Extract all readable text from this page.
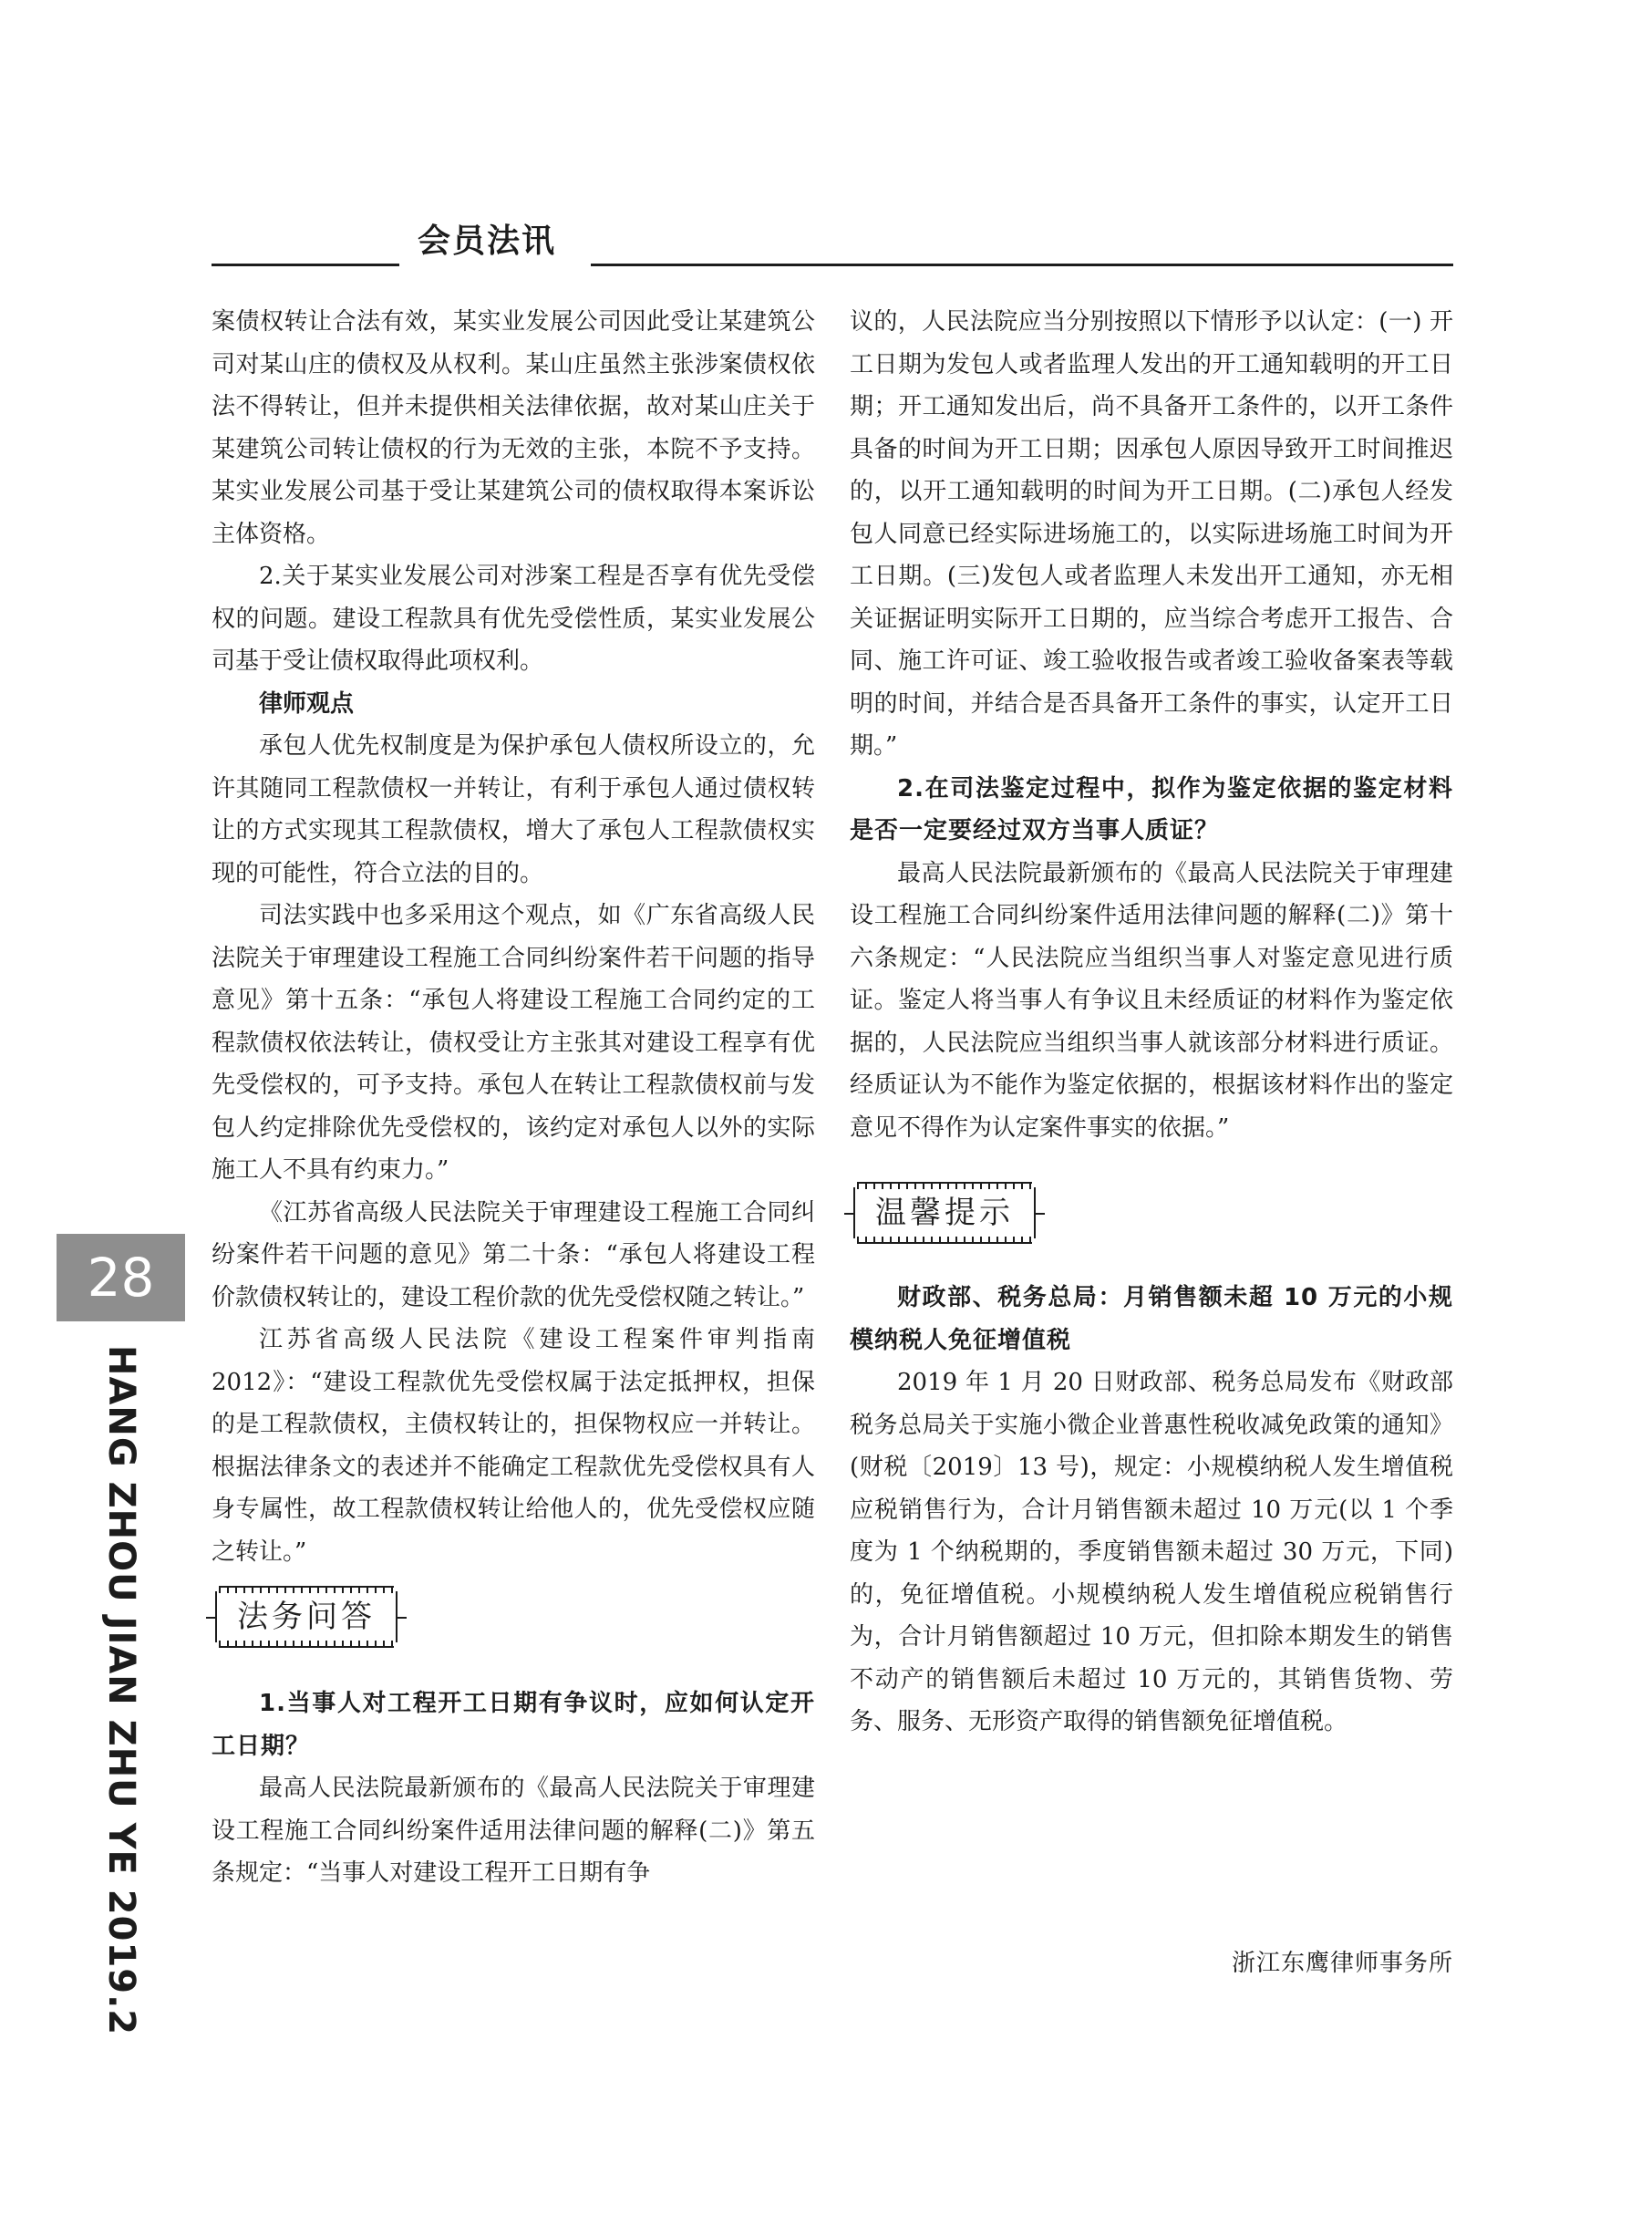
会员法讯
28
HANG ZHOU JIAN ZHU YE 2019.2

案债权转让合法有效，某实业发展公司因此受让某建筑公司对某山庄的债权及从权利。某山庄虽然主张涉案债权依法不得转让，但并未提供相关法律依据，故对某山庄关于某建筑公司转让债权的行为无效的主张，本院不予支持。某实业发展公司基于受让某建筑公司的债权取得本案诉讼主体资格。

2.关于某实业发展公司对涉案工程是否享有优先受偿权的问题。建设工程款具有优先受偿性质，某实业发展公司基于受让债权取得此项权利。

律师观点

承包人优先权制度是为保护承包人债权所设立的，允许其随同工程款债权一并转让，有利于承包人通过债权转让的方式实现其工程款债权，增大了承包人工程款债权实现的可能性，符合立法的目的。

司法实践中也多采用这个观点，如《广东省高级人民法院关于审理建设工程施工合同纠纷案件若干问题的指导意见》第十五条：“承包人将建设工程施工合同约定的工程款债权依法转让，债权受让方主张其对建设工程享有优先受偿权的，可予支持。承包人在转让工程款债权前与发包人约定排除优先受偿权的，该约定对承包人以外的实际施工人不具有约束力。”

《江苏省高级人民法院关于审理建设工程施工合同纠纷案件若干问题的意见》第二十条：“承包人将建设工程价款债权转让的，建设工程价款的优先受偿权随之转让。”

江苏省高级人民法院《建设工程案件审判指南2012》：“建设工程款优先受偿权属于法定抵押权，担保的是工程款债权，主债权转让的，担保物权应一并转让。根据法律条文的表述并不能确定工程款优先受偿权具有人身专属性，故工程款债权转让给他人的，优先受偿权应随之转让。”

法务问答

1.当事人对工程开工日期有争议时，应如何认定开工日期？

最高人民法院最新颁布的《最高人民法院关于审理建设工程施工合同纠纷案件适用法律问题的解释(二)》第五条规定：“当事人对建设工程开工日期有争

议的，人民法院应当分别按照以下情形予以认定：(一) 开工日期为发包人或者监理人发出的开工通知载明的开工日期；开工通知发出后，尚不具备开工条件的，以开工条件具备的时间为开工日期；因承包人原因导致开工时间推迟的，以开工通知载明的时间为开工日期。(二)承包人经发包人同意已经实际进场施工的，以实际进场施工时间为开工日期。(三)发包人或者监理人未发出开工通知，亦无相关证据证明实际开工日期的，应当综合考虑开工报告、合同、施工许可证、竣工验收报告或者竣工验收备案表等载明的时间，并结合是否具备开工条件的事实，认定开工日期。”

2.在司法鉴定过程中，拟作为鉴定依据的鉴定材料是否一定要经过双方当事人质证？

最高人民法院最新颁布的《最高人民法院关于审理建设工程施工合同纠纷案件适用法律问题的解释(二)》第十六条规定：“人民法院应当组织当事人对鉴定意见进行质证。鉴定人将当事人有争议且未经质证的材料作为鉴定依据的，人民法院应当组织当事人就该部分材料进行质证。经质证认为不能作为鉴定依据的，根据该材料作出的鉴定意见不得作为认定案件事实的依据。”

温馨提示

财政部、税务总局：月销售额未超 10 万元的小规模纳税人免征增值税

2019 年 1 月 20 日财政部、税务总局发布《财政部税务总局关于实施小微企业普惠性税收减免政策的通知》(财税〔2019〕13 号)，规定：小规模纳税人发生增值税应税销售行为，合计月销售额未超过 10 万元(以 1 个季度为 1 个纳税期的，季度销售额未超过 30 万元，下同)的，免征增值税。小规模纳税人发生增值税应税销售行为，合计月销售额超过 10 万元，但扣除本期发生的销售不动产的销售额后未超过 10 万元的，其销售货物、劳务、服务、无形资产取得的销售额免征增值税。

浙江东鹰律师事务所
